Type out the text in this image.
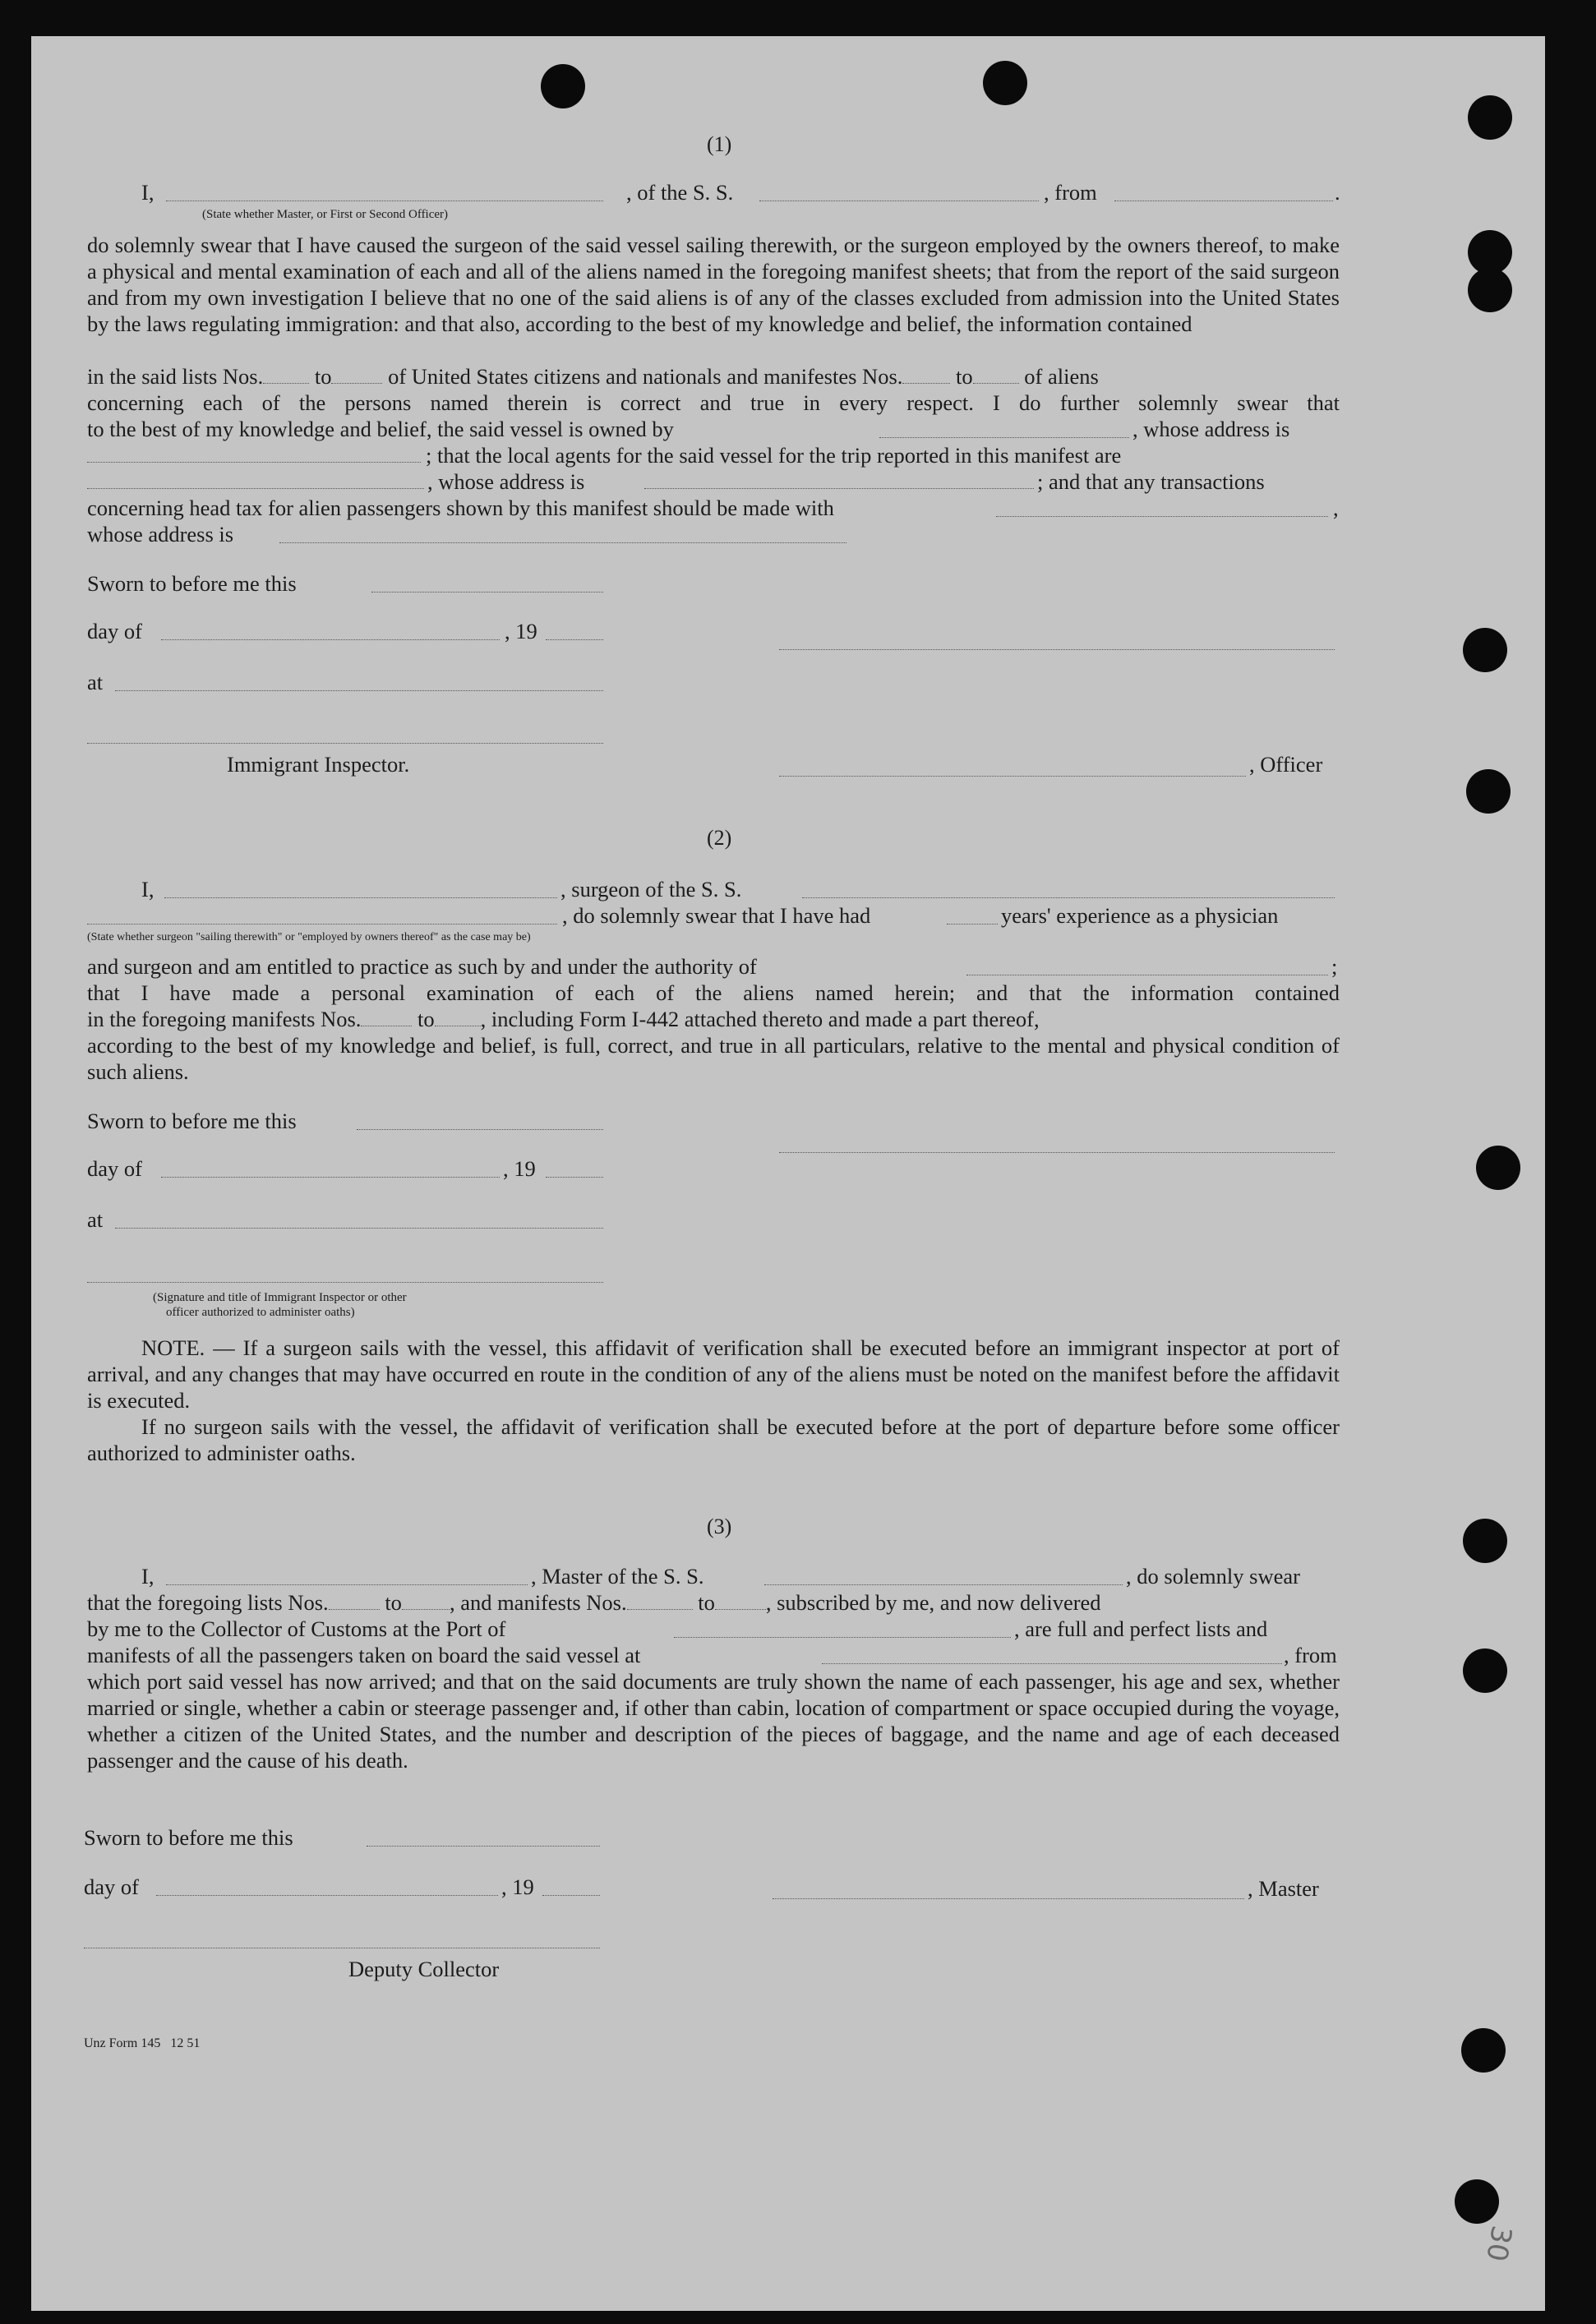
(1)
I,	, of the S. S.	, from	.
(State whether Master, or First or Second Officer)

do solemnly swear that I have caused the surgeon of the said vessel sailing therewith, or the surgeon employed by the owners thereof, to make a physical and mental examination of each and all of the aliens named in the foregoing manifest sheets; that from the report of the said surgeon and from my own investigation I believe that no one of the said aliens is of any of the classes excluded from admission into the United States by the laws regulating immigration: and that also, according to the best of my knowledge and belief, the information contained

in the said lists Nos. to	of United States citizens and nationals and manifestes Nos. to of aliens

concerning each of the persons named therein is correct and true in every respect. I do further solemnly swear that

to the best of my knowledge and belief, the said vessel is owned by	, whose address is
; that the local agents for the said vessel for the trip reported in this manifest are
, whose address is	; and that any transactions
concerning head tax for alien passengers shown by this manifest should be made with	,
whose address is
Sworn to before me this
day of	, 19
at
Immigrant Inspector.	, Officer
(2)
I,	, surgeon of the S. S.
, do solemnly swear that I have had	years' experience as a physician
(State whether surgeon "sailing therewith" or "employed by owners thereof" as the case may be)
and surgeon and am entitled to practice as such by and under the authority of	;

that I have made a personal examination of each of the aliens named herein; and that the information contained

in the foregoing manifests Nos.	to , including Form I-442 attached thereto and made a part thereof,

according to the best of my knowledge and belief, is full, correct, and true in all particulars, relative to the mental and physical condition of such aliens.

Sworn to before me this
day of	, 19
at
(Signature and title of Immigrant Inspector or other
officer authorized to administer oaths)

NOTE. — If a surgeon sails with the vessel, this affidavit of verification shall be executed before an immigrant inspector at port of arrival, and any changes that may have occurred en route in the condition of any of the aliens must be noted on the manifest before the affidavit is executed.

If no surgeon sails with the vessel, the affidavit of verification shall be executed before at the port of departure before some officer authorized to administer oaths.

(3)
I,	, Master of the S. S.	, do solemnly swear
that the foregoing lists Nos.	to , and manifests Nos.	to , subscribed by me, and now delivered
by me to the Collector of Customs at the Port of	, are full and perfect lists and
manifests of all the passengers taken on board the said vessel at	, from

which port said vessel has now arrived; and that on the said documents are truly shown the name of each passenger, his age and sex, whether married or single, whether a cabin or steerage passenger and, if other than cabin, location of compartment or space occupied during the voyage, whether a citizen of the United States, and the number and description of the pieces of baggage, and the name and age of each deceased passenger and the cause of his death.

Sworn to before me this
day of	, 19	, Master
Deputy Collector
Unz Form 145   12 51
30
